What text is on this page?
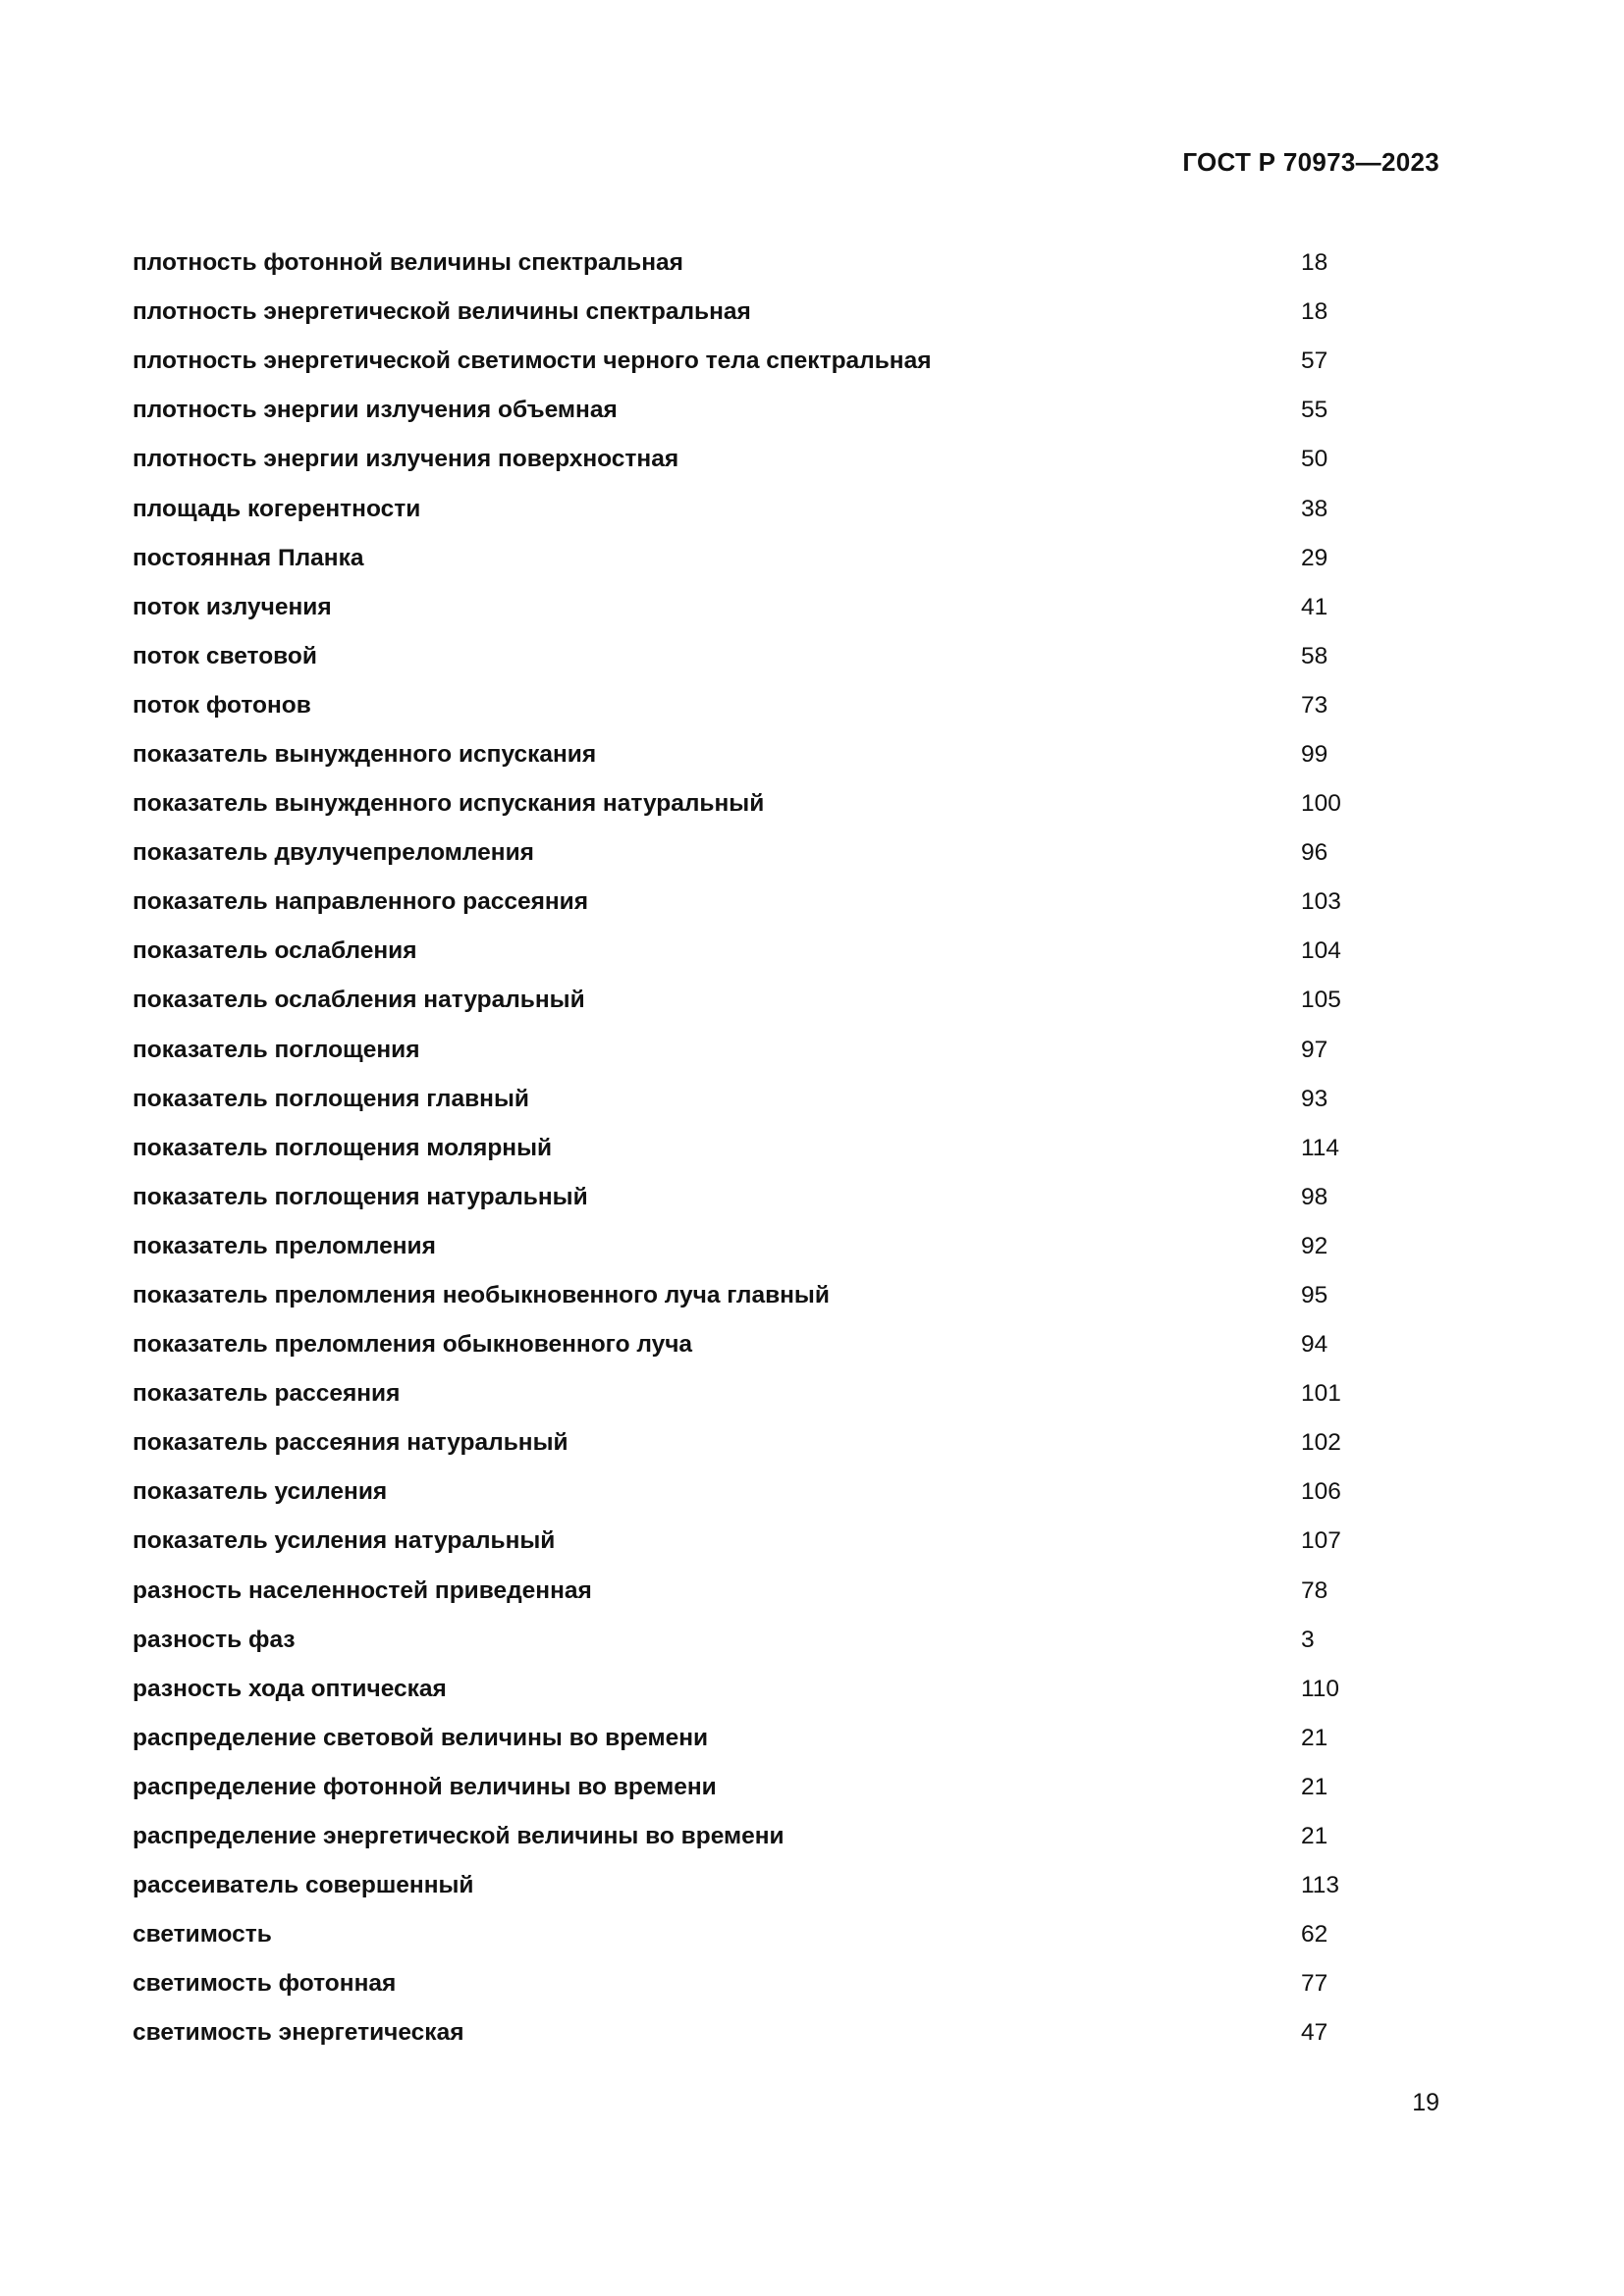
ГОСТ Р 70973—2023
плотность фотонной величины спектральная	18
плотность энергетической величины спектральная	18
плотность энергетической светимости черного тела спектральная	57
плотность энергии излучения объемная	55
плотность энергии излучения поверхностная	50
площадь когерентности	38
постоянная Планка	29
поток излучения	41
поток световой	58
поток фотонов	73
показатель вынужденного испускания	99
показатель вынужденного испускания натуральный	100
показатель двулучепреломления	96
показатель направленного рассеяния	103
показатель ослабления	104
показатель ослабления натуральный	105
показатель поглощения	97
показатель поглощения главный	93
показатель поглощения молярный	114
показатель поглощения натуральный	98
показатель преломления	92
показатель преломления необыкновенного луча главный	95
показатель преломления обыкновенного луча	94
показатель рассеяния	101
показатель рассеяния натуральный	102
показатель усиления	106
показатель усиления натуральный	107
разность населенностей приведенная	78
разность фаз	3
разность хода оптическая	110
распределение световой величины во времени	21
распределение фотонной величины во времени	21
распределение энергетической величины во времени	21
рассеиватель совершенный	113
светимость	62
светимость фотонная	77
светимость энергетическая	47
19
